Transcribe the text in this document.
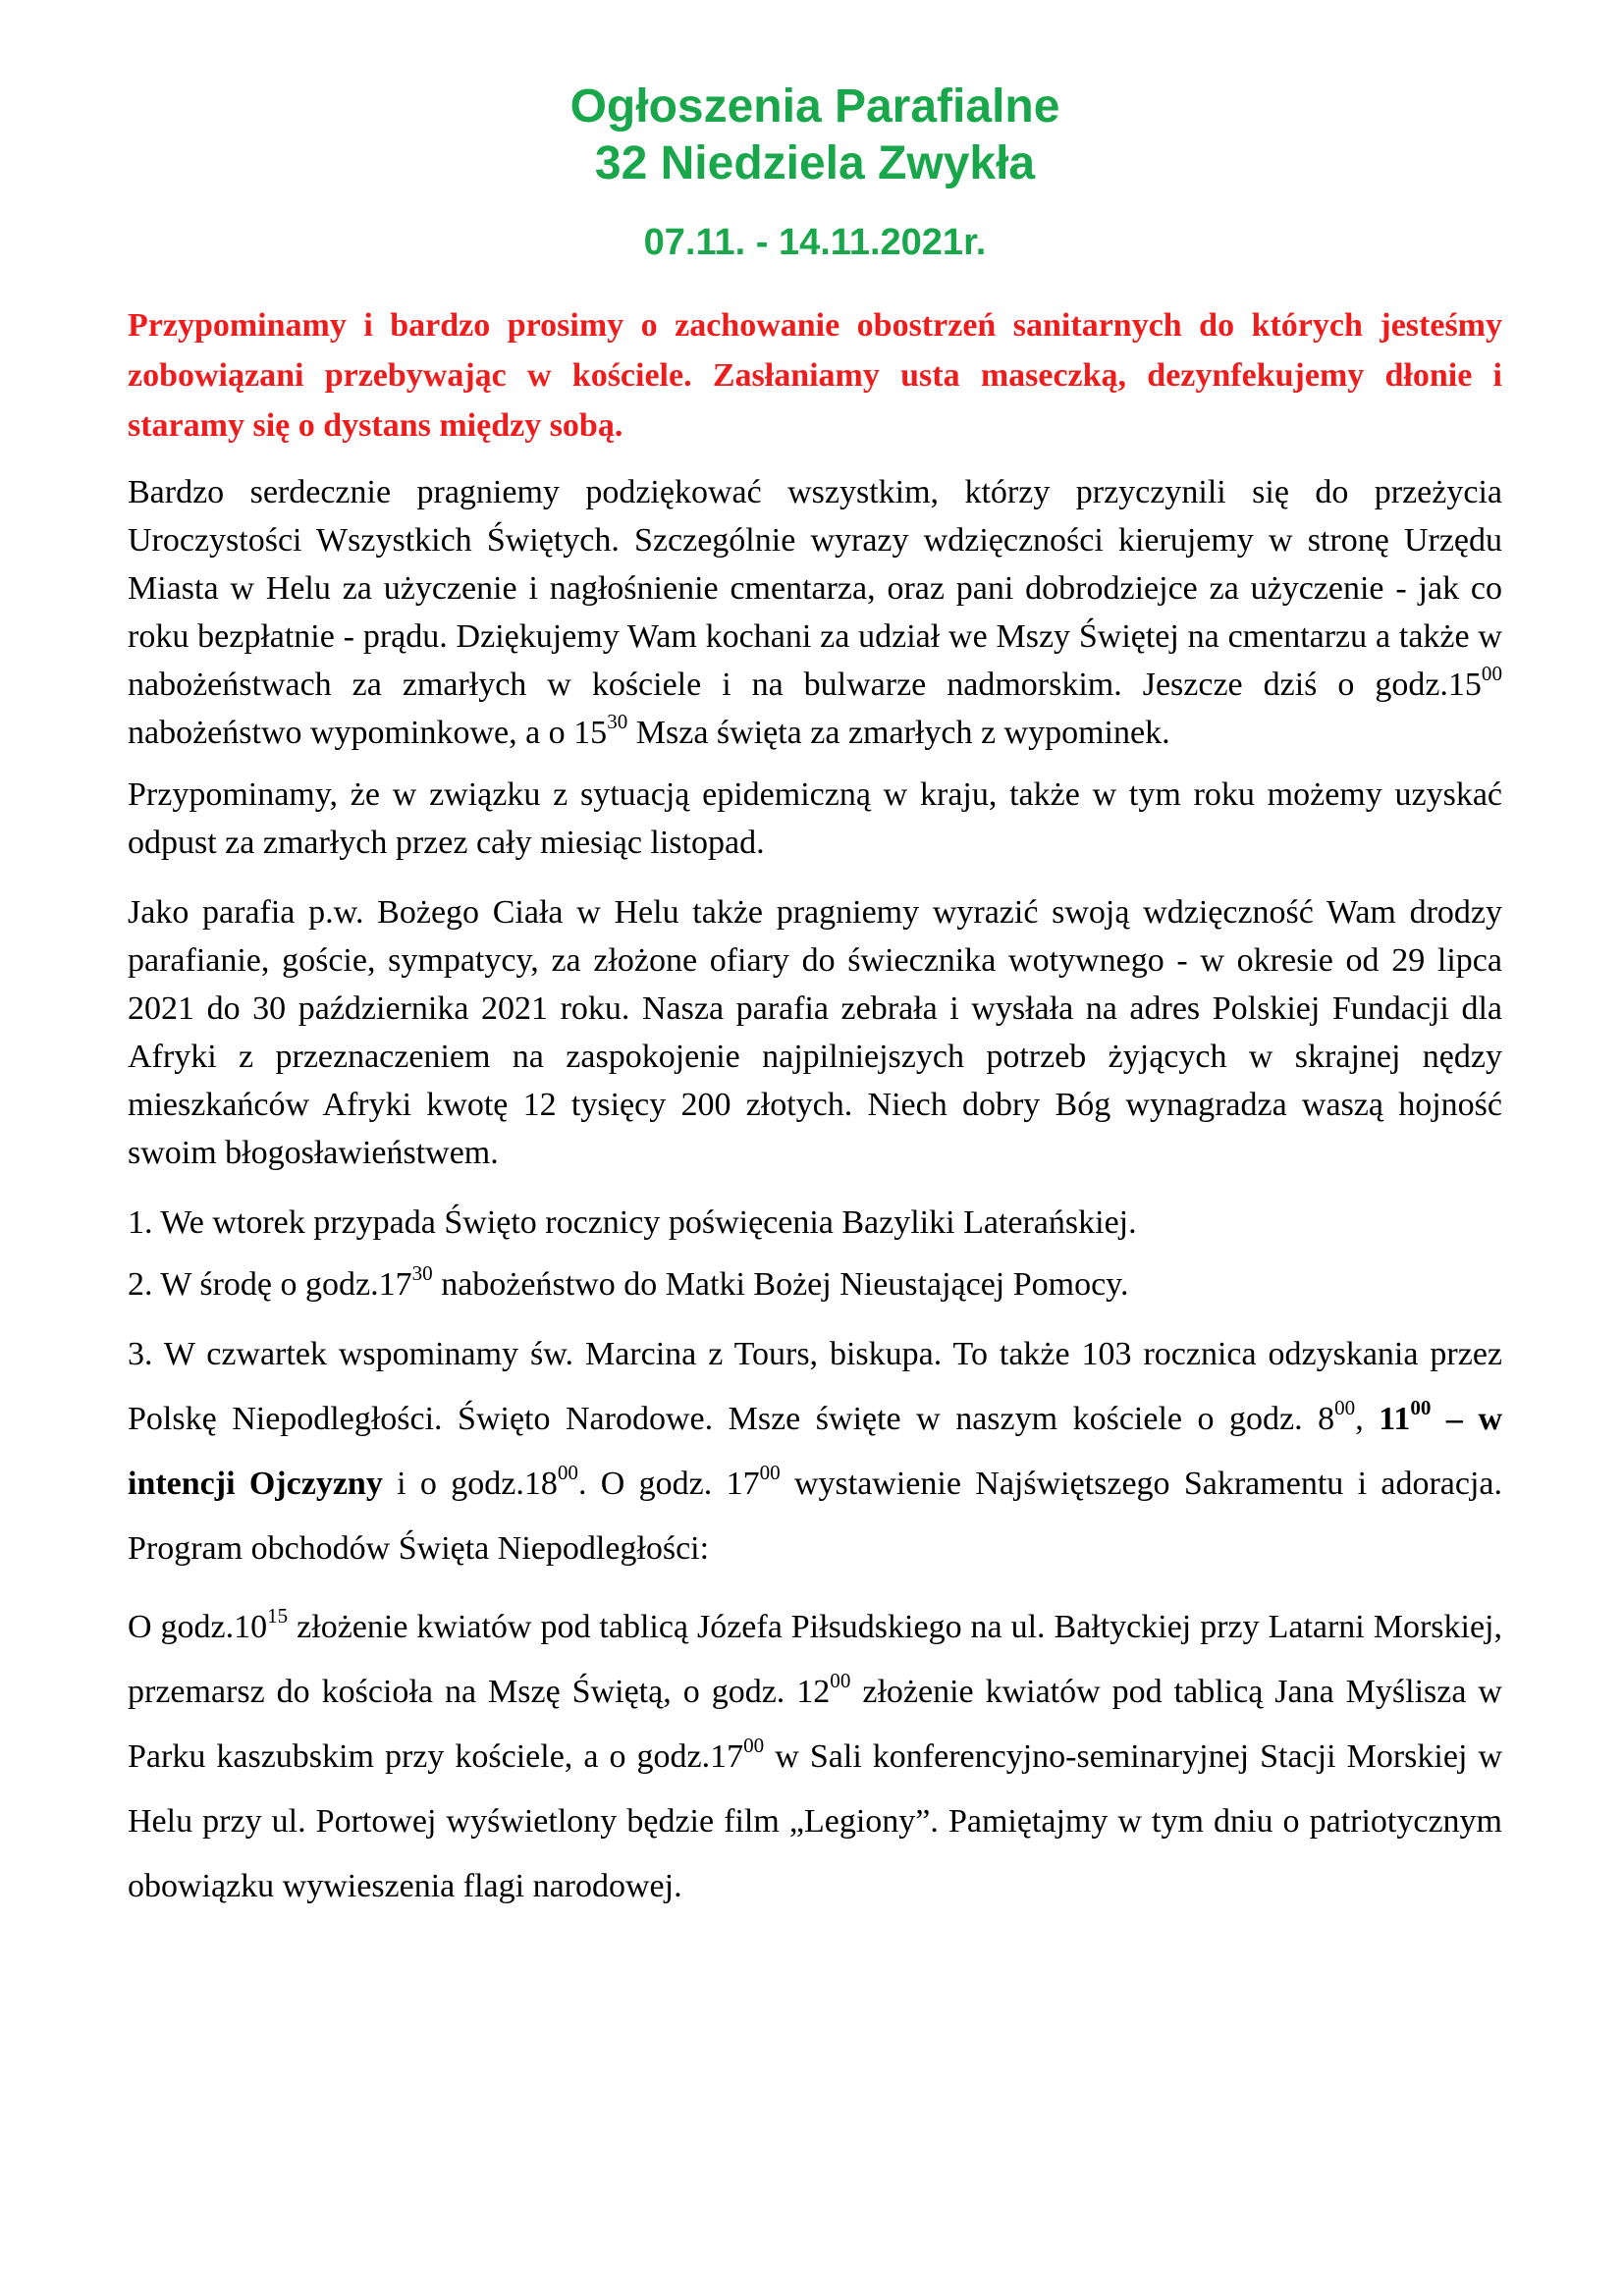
Ogłoszenia Parafialne
32 Niedziela Zwykła
07.11. - 14.11.2021r.

Przypominamy i bardzo prosimy o zachowanie obostrzeń sanitarnych do których jesteśmy zobowiązani przebywając w kościele. Zasłaniamy usta maseczką, dezynfekujemy dłonie i staramy się o dystans między sobą.

Bardzo serdecznie pragniemy podziękować wszystkim, którzy przyczynili się do przeżycia Uroczystości Wszystkich Świętych. Szczególnie wyrazy wdzięczności kierujemy w stronę Urzędu Miasta w Helu za użyczenie i nagłośnienie cmentarza, oraz pani dobrodziejce za użyczenie - jak co roku bezpłatnie - prądu. Dziękujemy Wam kochani za udział we Mszy Świętej na cmentarzu a także w nabożeństwach za zmarłych w kościele i na bulwarze nadmorskim. Jeszcze dziś o $godz.15^{00}$ nabożeństwo wypominkowe, a o $15^{30}$ Msza święta za zmarłych z wypominek.

Przypominamy, że w związku z sytuacją epidemiczną w kraju, także w tym roku możemy uzyskać odpust za zmarłych przez cały miesiąc listopad.

Jako parafia p.w. Bożego Ciała w Helu także pragniemy wyrazić swoją wdzięczność Wam drodzy parafianie, goście, sympatycy, za złożone ofiary do świecznika wotywnego - w okresie od 29 lipca 2021 do 30 października 2021 roku. Nasza parafia zebrała i wysłała na adres Polskiej Fundacji dla Afryki z przeznaczeniem na zaspokojenie najpilniejszych potrzeb żyjących w skrajnej nędzy mieszkańców Afryki kwotę 12 tysięcy 200 złotych. Niech dobry Bóg wynagradza waszą hojność swoim błogosławieństwem.

1. We wtorek przypada Święto rocznicy poświęcenia Bazyliki Laterańskiej.

2. W środę o $godz.17^{30}$ nabożeństwo do Matki Bożej Nieustającej Pomocy.

3. W czwartek wspominamy św. Marcina z Tours, biskupa. To także 103 rocznica odzyskania przez Polskę Niepodległości. Święto Narodowe. Msze święte w naszym kościele o godz. $8^{00}$, $11^{00}$ – w intencji Ojczyzny i o $godz.18^{00}$. O godz. $17^{00}$ wystawienie Najświętszego Sakramentu i adoracja. Program obchodów Święta Niepodległości:

O $godz.10^{15}$ złożenie kwiatów pod tablicą Józefa Piłsudskiego na ul. Bałtyckiej przy Latarni Morskiej, przemarsz do kościoła na Mszę Świętą, o godz. $12^{00}$ złożenie kwiatów pod tablicą Jana Myślisza w Parku kaszubskim przy kościele, a o $godz.17^{00}$ w Sali konferencyjno-seminaryjnej Stacji Morskiej w Helu przy ul. Portowej wyświetlony będzie film „Legiony”. Pamiętajmy w tym dniu o patriotycznym obowiązku wywieszenia flagi narodowej.
